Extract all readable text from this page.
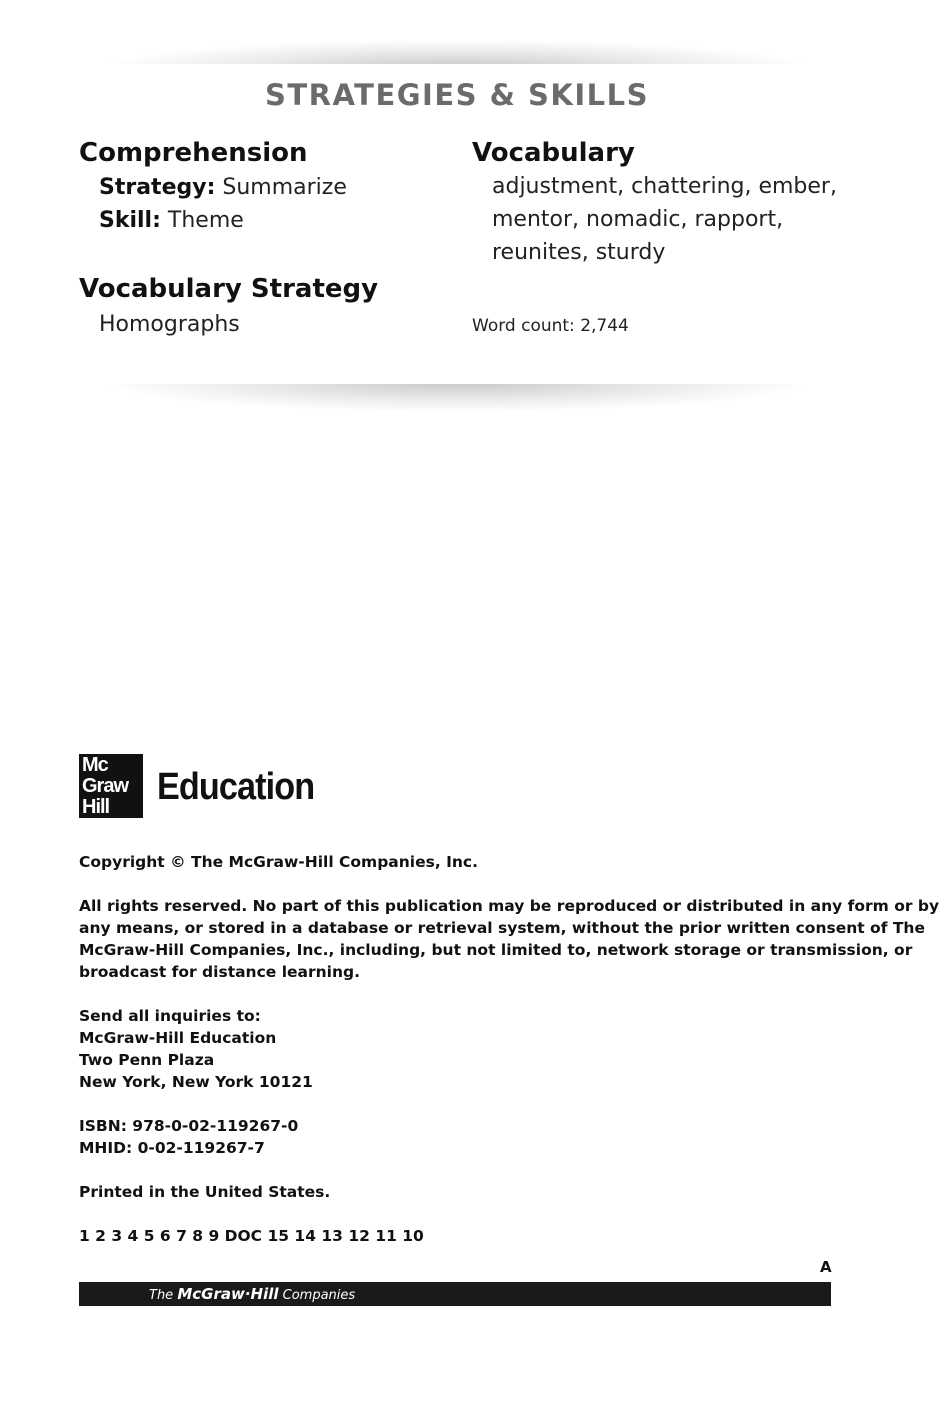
STRATEGIES & SKILLS
Comprehension
Strategy: Summarize
Skill: Theme
Vocabulary Strategy
Homographs
Vocabulary
adjustment, chattering, ember,
mentor, nomadic, rapport,
reunites, sturdy
Word count: 2,744
Mc
Graw
Hill	Education
Copyright © The McGraw-Hill Companies, Inc.
All rights reserved. No part of this publication may be reproduced or distributed in any form or by
any means, or stored in a database or retrieval system, without the prior written consent of The
McGraw-Hill Companies, Inc., including, but not limited to, network storage or transmission, or
broadcast for distance learning.
Send all inquiries to:
McGraw-Hill Education
Two Penn Plaza
New York, New York 10121
ISBN: 978-0-02-119267-0
MHID: 0-02-119267-7
Printed in the United States.
1 2 3 4 5 6 7 8 9 DOC 15 14 13 12 11 10
A
The McGraw·Hill Companies
